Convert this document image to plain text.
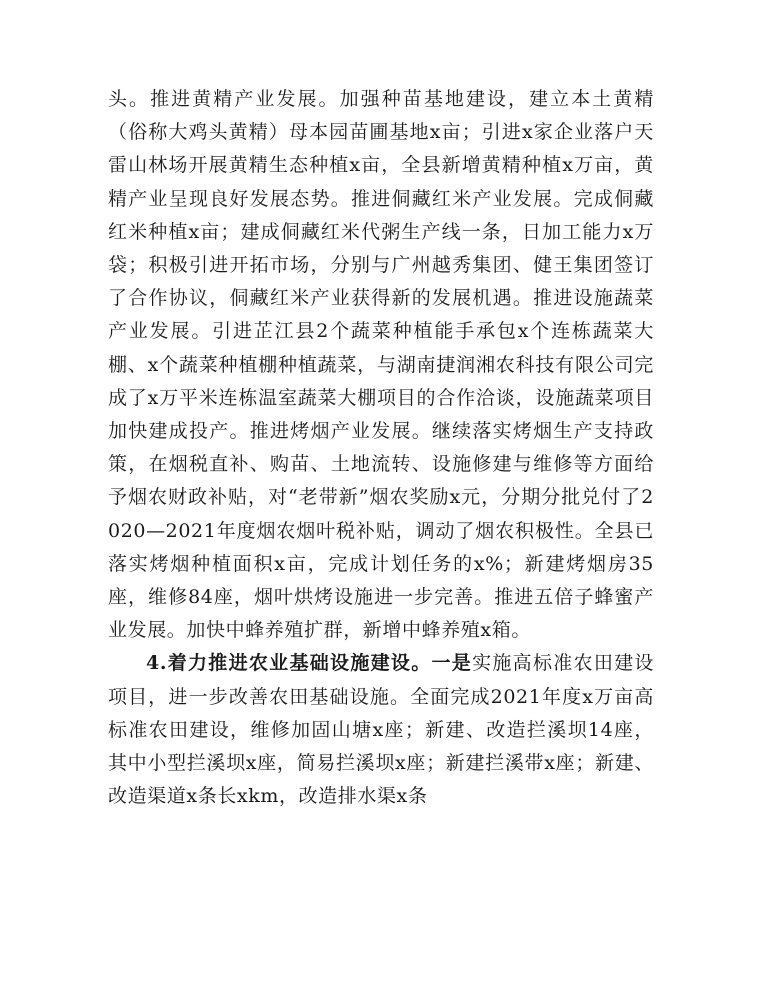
头。推进黄精产业发展。加强种苗基地建设，建立本土黄精（俗称大鸡头黄精）母本园苗圃基地x亩；引进x家企业落户天雷山林场开展黄精生态种植x亩，全县新增黄精种植x万亩，黄精产业呈现良好发展态势。推进侗藏红米产业发展。完成侗藏红米种植x亩；建成侗藏红米代粥生产线一条，日加工能力x万袋；积极引进开拓市场，分别与广州越秀集团、健王集团签订了合作协议，侗藏红米产业获得新的发展机遇。推进设施蔬菜产业发展。引进芷江县2个蔬菜种植能手承包x个连栋蔬菜大棚、x个蔬菜种植棚种植蔬菜，与湖南捷润湘农科技有限公司完成了x万平米连栋温室蔬菜大棚项目的合作洽谈，设施蔬菜项目加快建成投产。推进烤烟产业发展。继续落实烤烟生产支持政策，在烟税直补、购苗、土地流转、设施修建与维修等方面给予烟农财政补贴，对“老带新”烟农奖励x元，分期分批兑付了2020—2021年度烟农烟叶税补贴，调动了烟农积极性。全县已落实烤烟种植面积x亩，完成计划任务的x%；新建烤烟房35座，维修84座，烟叶烘烤设施进一步完善。推进五倍子蜂蜜产业发展。加快中蜂养殖扩群，新增中蜂养殖x箱。

4.着力推进农业基础设施建设。一是实施高标准农田建设项目，进一步改善农田基础设施。全面完成2021年度x万亩高标准农田建设，维修加固山塘x座；新建、改造拦溪坝14座，其中小型拦溪坝x座，简易拦溪坝x座；新建拦溪带x座；新建、改造渠道x条长xkm，改造排水渠x条
